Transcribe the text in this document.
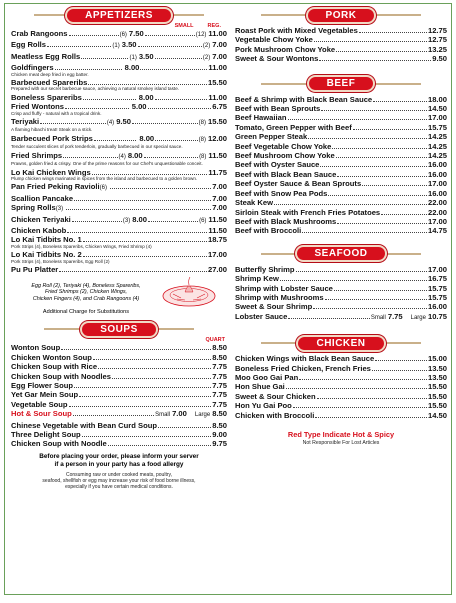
APPETIZERS
SMALL	REG.
Crab Rangoons	(6) 7.50	(12) 11.00
Egg Rolls	(1) 3.50	(2) 7.00
Meatless Egg Rolls	(1) 3.50	(2) 7.00
Goldfingers	8.00	11.00
Chicken meat deep fried in egg batter.
Barbecued Spareribs	15.50
Prepared with our secret barbecue sauce, achieving a natural smokey island taste.
Boneless Spareribs	8.00	11.00
Fried Wontons	5.00	6.75
Crisp and fluffy - natural with a tropical drink.
Teriyaki	(4) 9.50	(8) 15.50
A flaming hibachi treat! Steak on a stick.
Barbecued Pork Strips	8.00	(8) 12.00
Tender succulent slices of pork tenderloin, gradually barbecued in our special sauce.
Fried Shrimps	(4) 8.00	(8) 11.50
Prawns, golden fried & crispy. One of the prime reasons for our Chef's unquestionable conceit.
Lo Kai Chicken Wings	11.75
Plump chicken wings marinated in spices from the island and barbecued to a golden brown.
Pan Fried Peking Ravioli (6)	7.00
Scallion Pancake	7.00
Spring Rolls (3)	7.00
Chicken Teriyaki	(3) 8.00	(6) 11.50
Chicken Kabob	11.50
Lo Kai Tidbits No. 1	18.75
Pork Strips (4), Boneless Spareribs, Chicken Wings, Fried Shrimp (4)
Lo Kai Tidbits No. 2	17.00
Pork Strips (4), Boneless Spareribs, Egg Roll (2)
Pu Pu Platter	27.00
Egg Roll (2), Teriyaki (4), Boneless Spareribs,
Fried Shrimps (2), Chicken Wings,
Chicken Fingers (4), and Crab Rangoons (4)
Additional Charge for Substitutions
SOUPS
QUART
Wonton Soup	8.50
Chicken Wonton Soup	8.50
Chicken Soup with Rice	7.75
Chicken Soup with Noodles	7.75
Egg Flower Soup	7.75
Yet Gar Mein Soup	7.75
Vegetable Soup	7.75
Hot & Sour Soup	Small 7.00 Large 8.50
Chinese Vegetable with Bean Curd Soup	8.50
Three Delight Soup	9.00
Chicken Soup with Noodle	9.75
Before placing your order, please inform your server
if a person in your party has a food allergy
Consuming raw or under cooked meats, poultry,
seafood, shellfish or egg may increase your risk of food borne illness,
especially if you have certain medical conditions.
PORK
Roast Pork with Mixed Vegetables	12.75
Vegetable Chow Yoke	12.75
Pork Mushroom Chow Yoke	13.25
Sweet & Sour Wontons	9.50
BEEF
Beef & Shrimp with Black Bean Sauce	18.00
Beef with Bean Sprouts	14.50
Beef Hawaiian	17.00
Tomato, Green Pepper with Beef	15.75
Green Pepper Steak	14.25
Beef Vegetable Chow Yoke	14.25
Beef Mushroom Chow Yoke	14.25
Beef with Oyster Sauce	16.00
Beef with Black Bean Sauce	16.00
Beef Oyster Sauce & Bean Sprouts	17.00
Beef with Snow Pea Pods	16.00
Steak Kew	22.00
Sirloin Steak with French Fries Potatoes	22.00
Beef with Black Mushrooms	17.00
Beef with Broccoli	14.75
SEAFOOD
Butterfly Shrimp	17.00
Shrimp Kew	16.75
Shrimp with Lobster Sauce	15.75
Shrimp with Mushrooms	15.75
Sweet & Sour Shrimp	16.00
Lobster Sauce	Small 7.75 Large 10.75
CHICKEN
Chicken Wings with Black Bean Sauce	15.00
Boneless Fried Chicken, French Fries	13.50
Moo Goo Gai Pan	13.50
Hon Shue Gai	15.50
Sweet & Sour Chicken	15.50
Hon Yu Gai Poo	15.50
Chicken with Broccoli	14.50
Red Type Indicate Hot & Spicy
Not Responsible For Lost Articles
